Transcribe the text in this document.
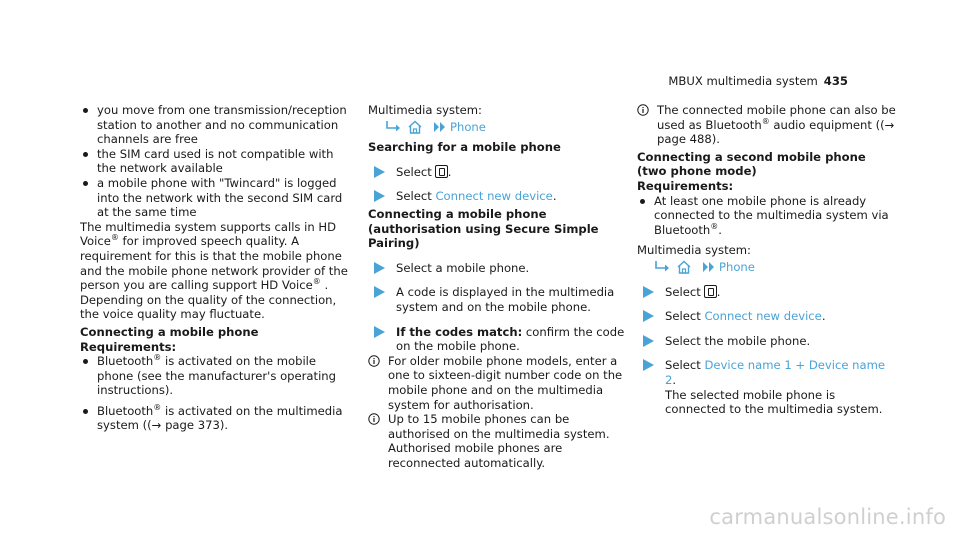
MBUX multimedia system 435
you move from one transmission/reception station to another and no communication channels are free
the SIM card used is not compatible with the network available
a mobile phone with "Twincard" is logged into the network with the second SIM card at the same time

The multimedia system supports calls in HD Voice® for improved speech quality. A requirement for this is that the mobile phone and the mobile phone network provider of the person you are calling support HD Voice® .

Depending on the quality of the connection, the voice quality may fluctuate.

Connecting a mobile phone

Requirements:

Bluetooth® is activated on the mobile phone (see the manufacturer's operating instructions).
Bluetooth® is activated on the multimedia system ((→ page 373).

Multimedia system:

Phone

Searching for a mobile phone

Select .
Select Connect new device.

Connecting a mobile phone (authorisation using Secure Simple Pairing)

Select a mobile phone.
A code is displayed in the multimedia system and on the mobile phone.
If the codes match: confirm the code on the mobile phone.
For older mobile phone models, enter a one to sixteen-digit number code on the mobile phone and on the multimedia system for authorisation.
Up to 15 mobile phones can be authorised on the multimedia system. Authorised mobile phones are reconnected automatically.
The connected mobile phone can also be used as Bluetooth® audio equipment ((→ page 488).

Connecting a second mobile phone (two phone mode)

Requirements:

At least one mobile phone is already connected to the multimedia system via Bluetooth®.

Multimedia system:

Phone
Select .
Select Connect new device.
Select the mobile phone.
Select Device name 1 + Device name 2.
The selected mobile phone is connected to the multimedia system.
carmanualsonline.info
